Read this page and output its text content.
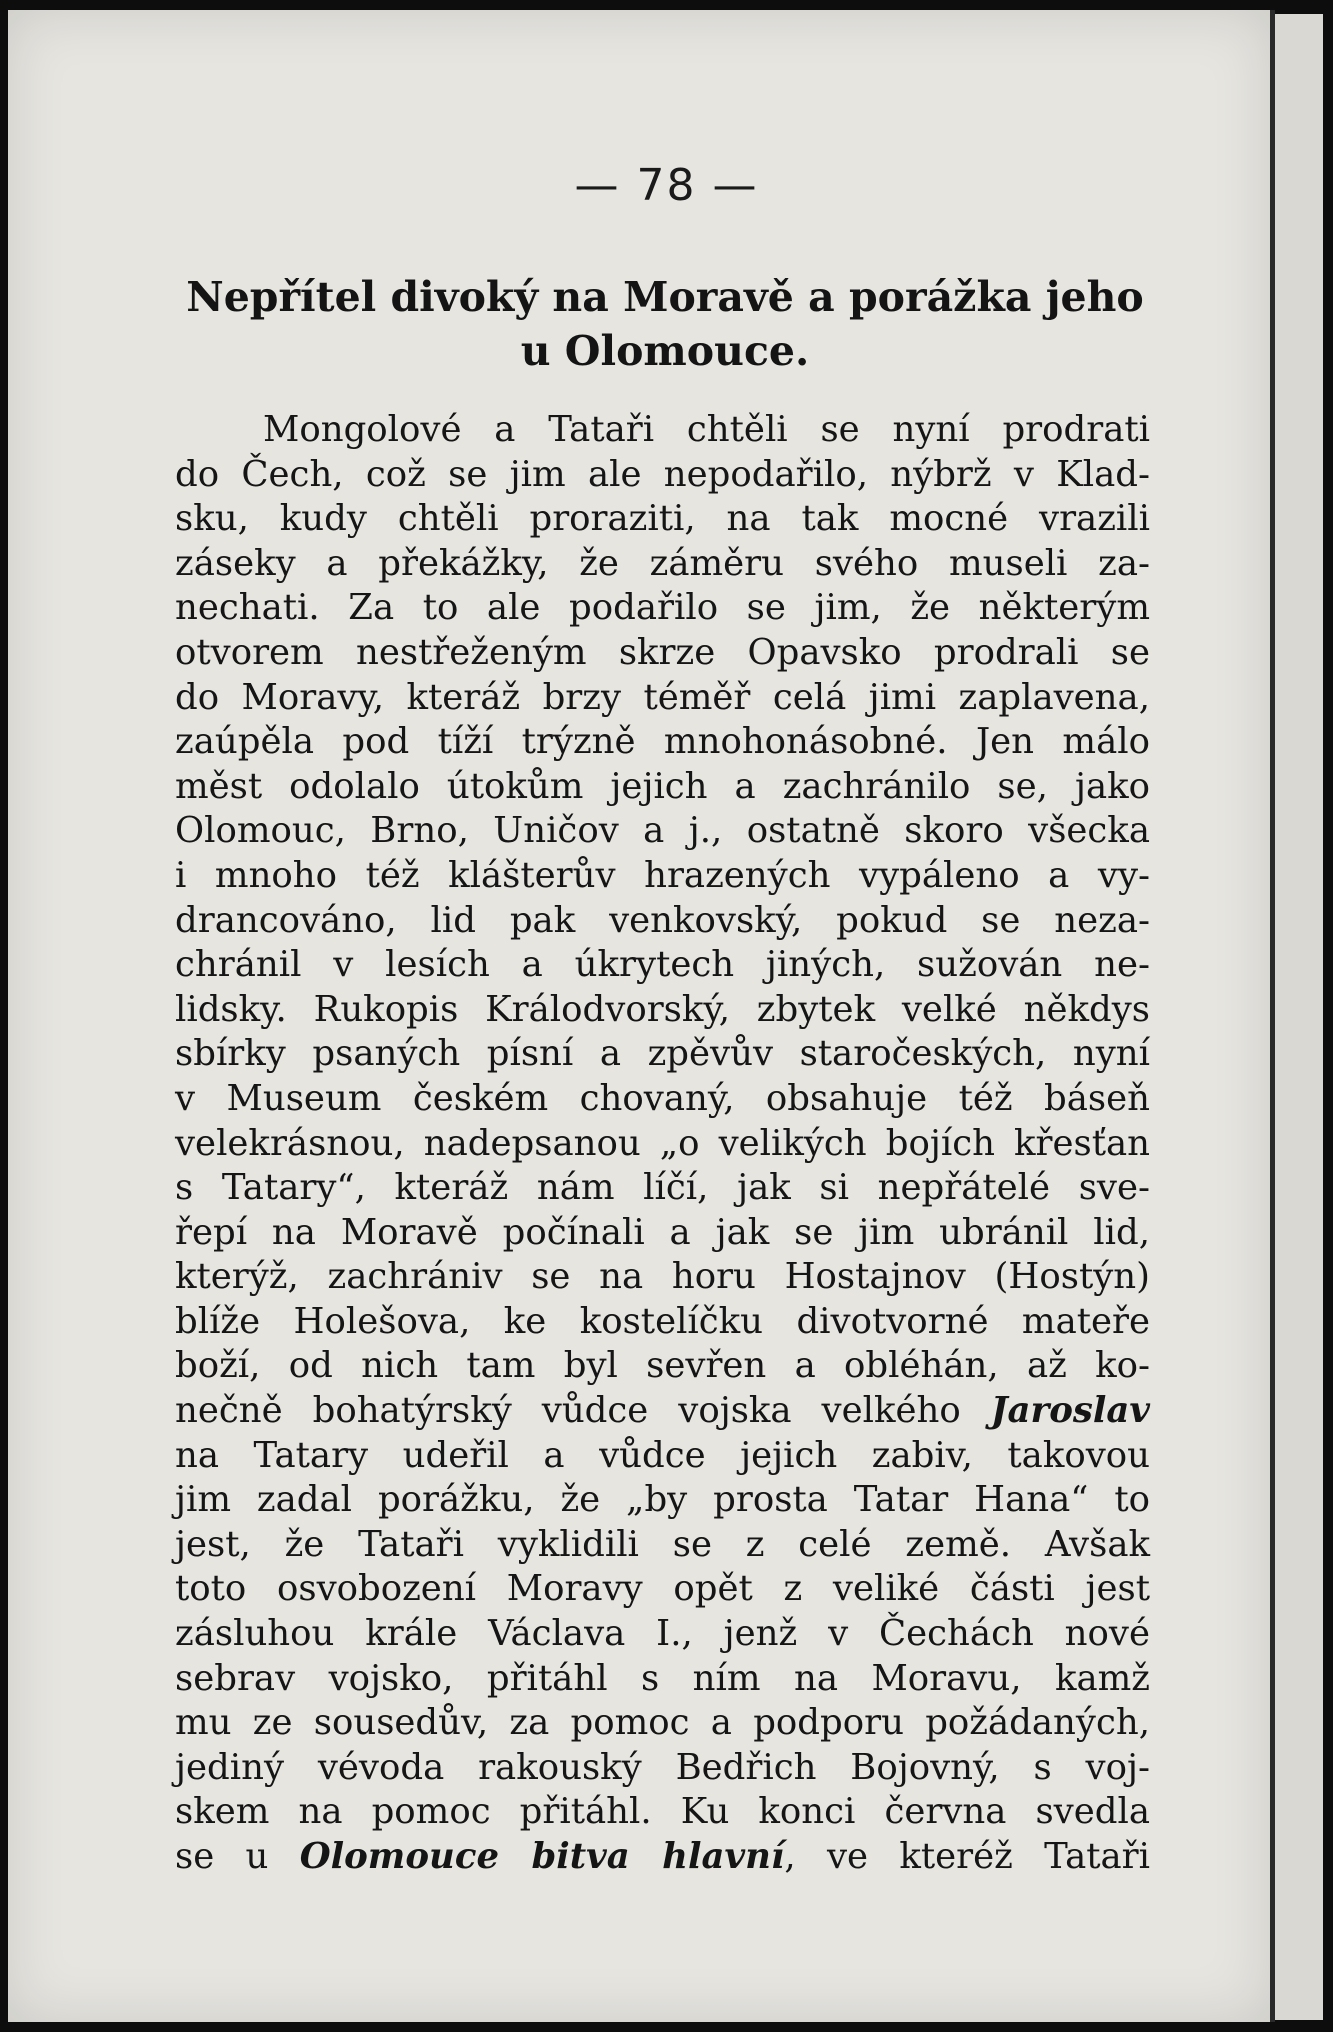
— 78 —
Nepřítel divoký na Moravě a porážka jeho
u Olomouce.
Mongolové a Tataři chtěli se nyní prodrati
do Čech, což se jim ale nepodařilo, nýbrž v Klad-
sku, kudy chtěli proraziti, na tak mocné vrazili
záseky a překážky, že záměru svého museli za-
nechati. Za to ale podařilo se jim, že některým
otvorem nestřeženým skrze Opavsko prodrali se
do Moravy, kteráž brzy téměř celá jimi zaplavena,
zaúpěla pod tíží trýzně mnohonásobné. Jen málo
měst odolalo útokům jejich a zachránilo se, jako
Olomouc, Brno, Uničov a j., ostatně skoro všecka
i mnoho též klášterův hrazených vypáleno a vy-
drancováno, lid pak venkovský, pokud se neza-
chránil v lesích a úkrytech jiných, sužován ne-
lidsky. Rukopis Králodvorský, zbytek velké někdys
sbírky psaných písní a zpěvův staročeských, nyní
v Museum českém chovaný, obsahuje též báseň
velekrásnou, nadepsanou „o velikých bojích křesťan
s Tatary“, kteráž nám líčí, jak si nepřátelé sve-
řepí na Moravě počínali a jak se jim ubránil lid,
kterýž, zachrániv se na horu Hostajnov (Hostýn)
blíže Holešova, ke kostelíčku divotvorné mateře
boží, od nich tam byl sevřen a obléhán, až ko-
nečně bohatýrský vůdce vojska velkého Jaroslav
na Tatary udeřil a vůdce jejich zabiv, takovou
jim zadal porážku, že „by prosta Tatar Hana“ to
jest, že Tataři vyklidili se z celé země. Avšak
toto osvobození Moravy opět z veliké části jest
zásluhou krále Václava I., jenž v Čechách nové
sebrav vojsko, přitáhl s ním na Moravu, kamž
mu ze sousedův, za pomoc a podporu požádaných,
jediný vévoda rakouský Bedřich Bojovný, s voj-
skem na pomoc přitáhl. Ku konci června svedla
se u Olomouce bitva hlavní, ve kteréž Tataři
